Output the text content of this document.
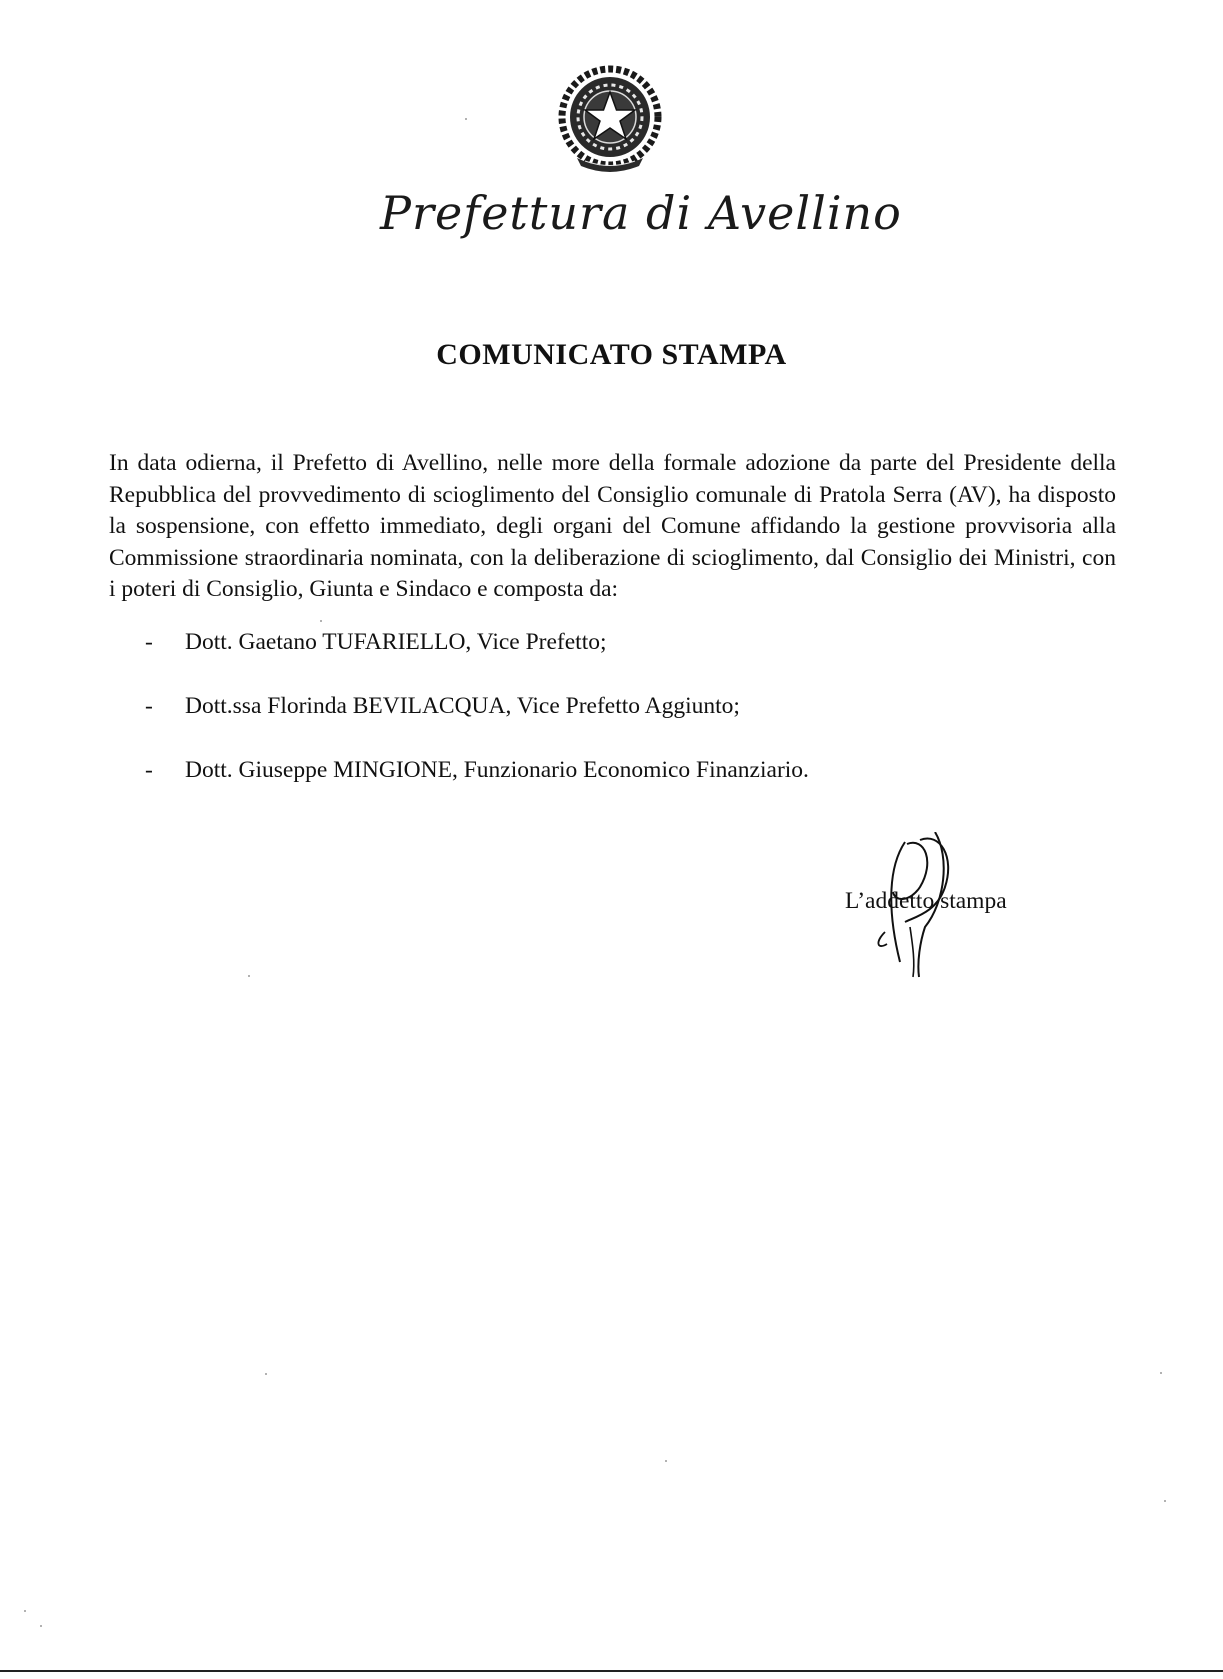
Prefettura di Avellino
COMUNICATO STAMPA

In data odierna, il Prefetto di Avellino, nelle more della formale adozione da parte del Presidente della Repubblica del provvedimento di scioglimento del Consiglio comunale di Pratola Serra (AV), ha disposto la sospensione, con effetto immediato, degli organi del Comune affidando la gestione provvisoria alla Commissione straordinaria nominata, con la deliberazione di scioglimento, dal Consiglio dei Ministri, con i poteri di Consiglio, Giunta e Sindaco e composta da:

-	Dott. Gaetano TUFARIELLO, Vice Prefetto;
-	Dott.ssa Florinda BEVILACQUA, Vice Prefetto Aggiunto;
-	Dott. Giuseppe MINGIONE, Funzionario Economico Finanziario.
L’addetto stampa
